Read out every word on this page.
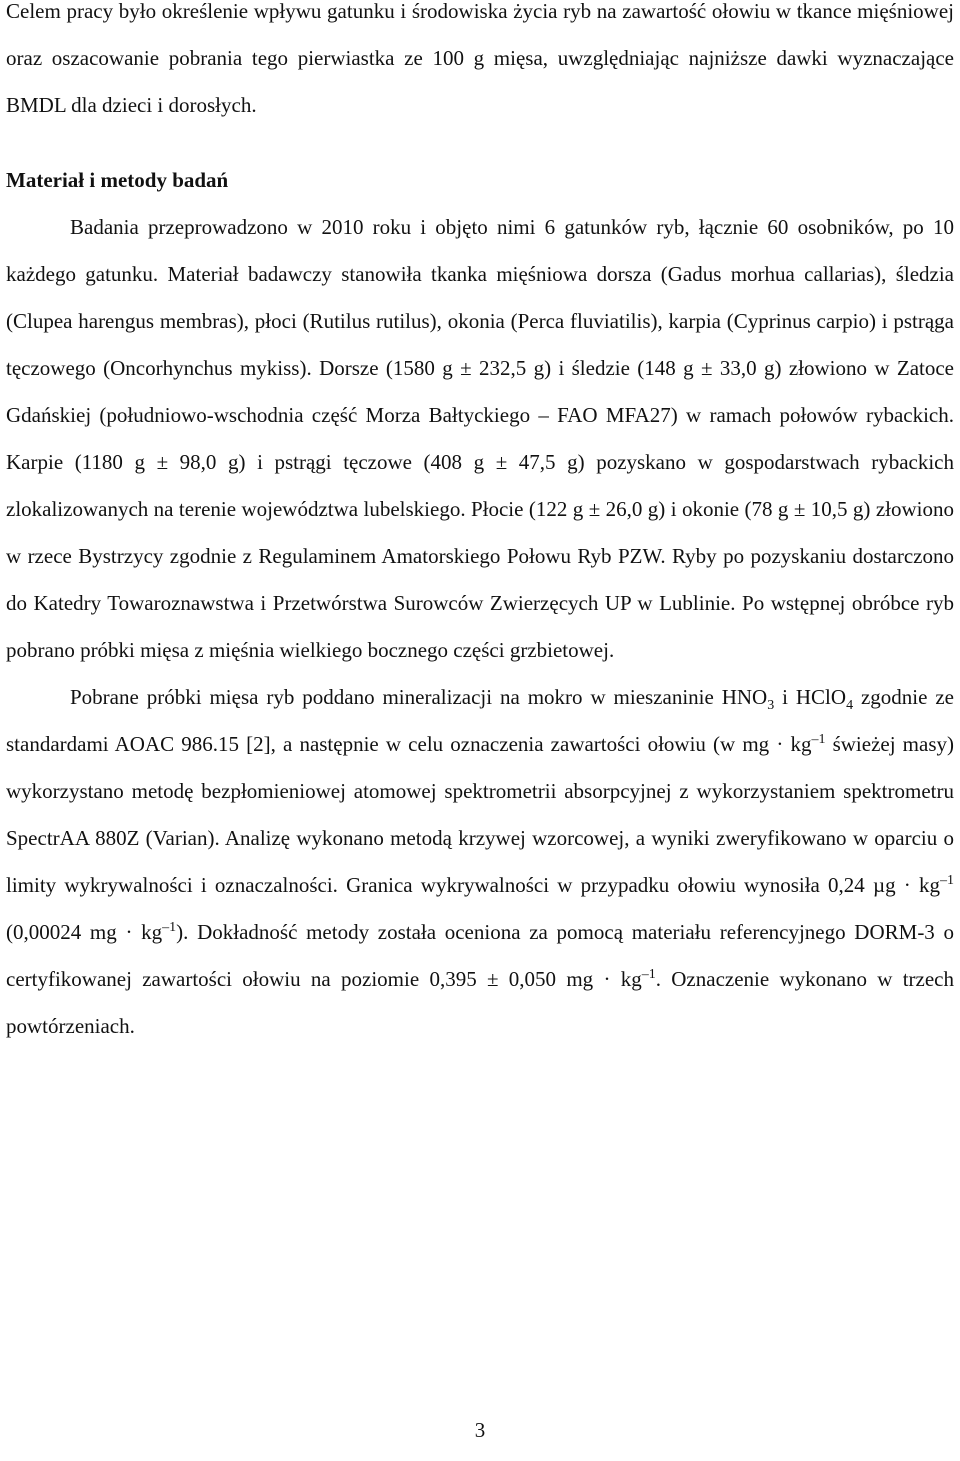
Celem pracy było określenie wpływu gatunku i środowiska życia ryb na zawartość ołowiu w tkance mięśniowej oraz oszacowanie pobrania tego pierwiastka ze 100 g mięsa, uwzględniając najniższe dawki wyznaczające BMDL dla dzieci i dorosłych.

Materiał i metody badań

Badania przeprowadzono w 2010 roku i objęto nimi 6 gatunków ryb, łącznie 60 osobników, po 10 każdego gatunku. Materiał badawczy stanowiła tkanka mięśniowa dorsza (Gadus morhua callarias), śledzia (Clupea harengus membras), płoci (Rutilus rutilus), okonia (Perca fluviatilis), karpia (Cyprinus carpio) i pstrąga tęczowego (Oncorhynchus mykiss). Dorsze (1580 g ± 232,5 g) i śledzie (148 g ± 33,0 g) złowiono w Zatoce Gdańskiej (południowo-wschodnia część Morza Bałtyckiego – FAO MFA27) w ramach połowów rybackich. Karpie (1180 g ± 98,0 g) i pstrągi tęczowe (408 g ± 47,5 g) pozyskano w gospodarstwach rybackich zlokalizowanych na terenie województwa lubelskiego. Płocie (122 g ± 26,0 g) i okonie (78 g ± 10,5 g) złowiono w rzece Bystrzycy zgodnie z Regulaminem Amatorskiego Połowu Ryb PZW. Ryby po pozyskaniu dostarczono do Katedry Towaroznawstwa i Przetwórstwa Surowców Zwierzęcych UP w Lublinie. Po wstępnej obróbce ryb pobrano próbki mięsa z mięśnia wielkiego bocznego części grzbietowej.

Pobrane próbki mięsa ryb poddano mineralizacji na mokro w mieszaninie $HNO_3$ i HClO$_4$ zgodnie ze standardami AOAC 986.15 [2], a następnie w celu oznaczenia zawartości ołowiu (w mg · $kg^{-1}$ świeżej masy) wykorzystano metodę bezpłomieniowej atomowej spektrometrii absorpcyjnej z wykorzystaniem spektrometru SpectrAA 880Z (Varian). Analizę wykonano metodą krzywej wzorcowej, a wyniki zweryfikowano w oparciu o limity wykrywalności i oznaczalności. Granica wykrywalności w przypadku ołowiu wynosiła 0,24 $\mu g \cdot kg^{-1}$ (0,00024 mg · $kg^{-1}$). Dokładność metody została oceniona za pomocą materiału referencyjnego DORM-3 o certyfikowanej zawartości ołowiu na poziomie 0,395 ± 0,050 mg · $kg^{-1}$. Oznaczenie wykonano w trzech powtórzeniach.

3
